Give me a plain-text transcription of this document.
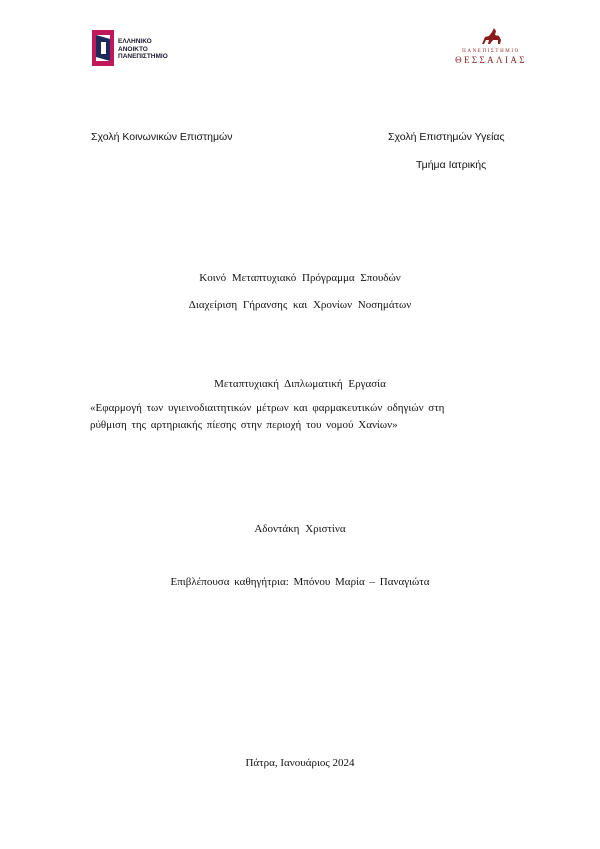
ΕΛΛΗΝΙΚΟ
ΑΝΟΙΚΤΟ
ΠΑΝΕΠΙΣΤΗΜΙΟ
ΠΑΝΕΠΙΣΤΗΜΙΟ
ΘΕΣΣΑΛΙΑΣ
Σχολή Κοινωνικών Επιστημών	Σχολή Επιστημών Υγείας
Τμήμα Ιατρικής
Κοινό Μεταπτυχιακό Πρόγραμμα Σπουδών
Διαχείριση Γήρανσης και Χρονίων Νοσημάτων
Μεταπτυχιακή Διπλωματική Εργασία
«Εφαρμογή των υγιεινοδιαιτητικών μέτρων και φαρμακευτικών οδηγιών στη
ρύθμιση της αρτηριακής πίεσης στην περιοχή του νομού Χανίων»
Αδοντάκη Χριστίνα
Επιβλέπουσα καθηγήτρια: Μπόνου Μαρία – Παναγιώτα
Πάτρα, Ιανουάριος 2024
